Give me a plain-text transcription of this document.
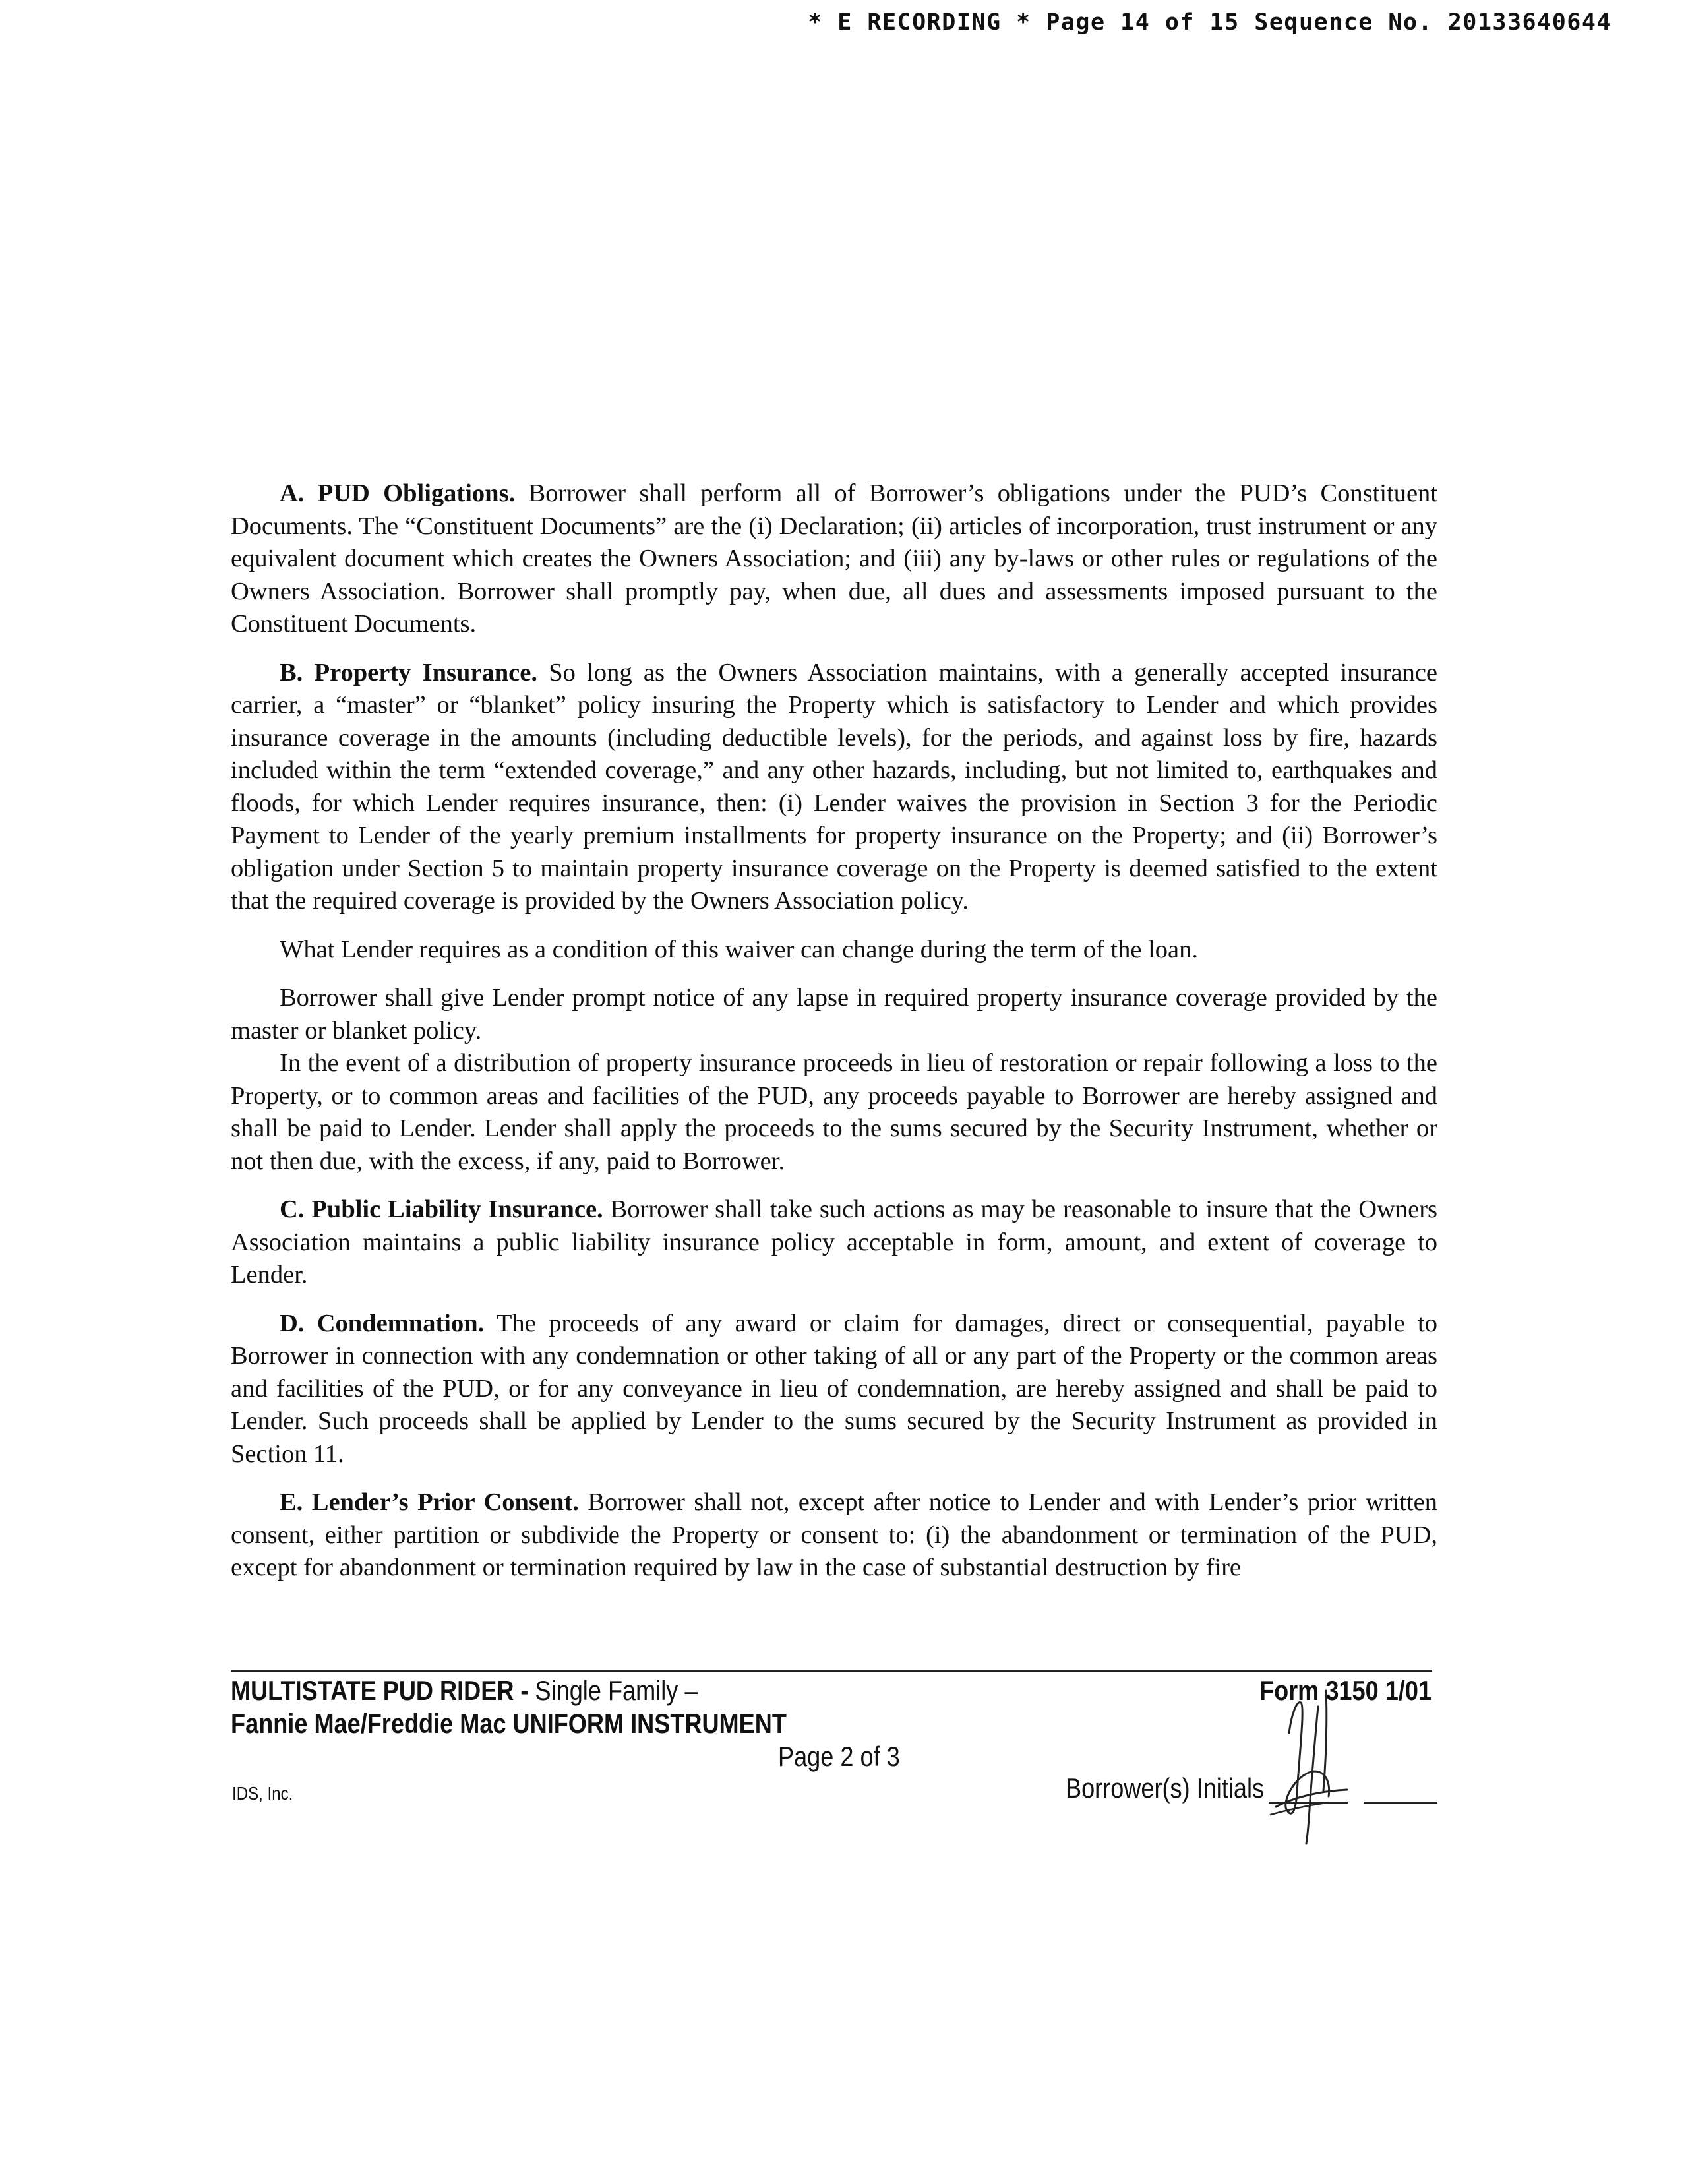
* E RECORDING * Page 14 of 15 Sequence No. 20133640644

A. PUD Obligations. Borrower shall perform all of Borrower’s obligations under the PUD’s Constituent Documents. The “Constituent Documents” are the (i) Declaration; (ii) articles of incorporation, trust instrument or any equivalent document which creates the Owners Association; and (iii) any by-laws or other rules or regulations of the Owners Association. Borrower shall promptly pay, when due, all dues and assessments imposed pursuant to the Constituent Documents.

B. Property Insurance. So long as the Owners Association maintains, with a generally accepted insurance carrier, a “master” or “blanket” policy insuring the Property which is satisfactory to Lender and which provides insurance coverage in the amounts (including deductible levels), for the periods, and against loss by fire, hazards included within the term “extended coverage,” and any other hazards, including, but not limited to, earthquakes and floods, for which Lender requires insurance, then: (i) Lender waives the provision in Section 3 for the Periodic Payment to Lender of the yearly premium installments for property insurance on the Property; and (ii) Borrower’s obligation under Section 5 to maintain property insurance coverage on the Property is deemed satisfied to the extent that the required coverage is provided by the Owners Association policy.

What Lender requires as a condition of this waiver can change during the term of the loan.

Borrower shall give Lender prompt notice of any lapse in required property insurance coverage provided by the master or blanket policy.

In the event of a distribution of property insurance proceeds in lieu of restoration or repair following a loss to the Property, or to common areas and facilities of the PUD, any proceeds payable to Borrower are hereby assigned and shall be paid to Lender. Lender shall apply the proceeds to the sums secured by the Security Instrument, whether or not then due, with the excess, if any, paid to Borrower.

C. Public Liability Insurance. Borrower shall take such actions as may be reasonable to insure that the Owners Association maintains a public liability insurance policy acceptable in form, amount, and extent of coverage to Lender.

D. Condemnation. The proceeds of any award or claim for damages, direct or consequential, payable to Borrower in connection with any condemnation or other taking of all or any part of the Property or the common areas and facilities of the PUD, or for any conveyance in lieu of condemnation, are hereby assigned and shall be paid to Lender. Such proceeds shall be applied by Lender to the sums secured by the Security Instrument as provided in Section 11.

E. Lender’s Prior Consent. Borrower shall not, except after notice to Lender and with Lender’s prior written consent, either partition or subdivide the Property or consent to: (i) the abandonment or termination of the PUD, except for abandonment or termination required by law in the case of substantial destruction by fire

MULTISTATE PUD RIDER - Single Family –
Fannie Mae/Freddie Mac UNIFORM INSTRUMENT
Form 3150 1/01
Page 2 of 3
IDS, Inc.	Borrower(s) Initials
